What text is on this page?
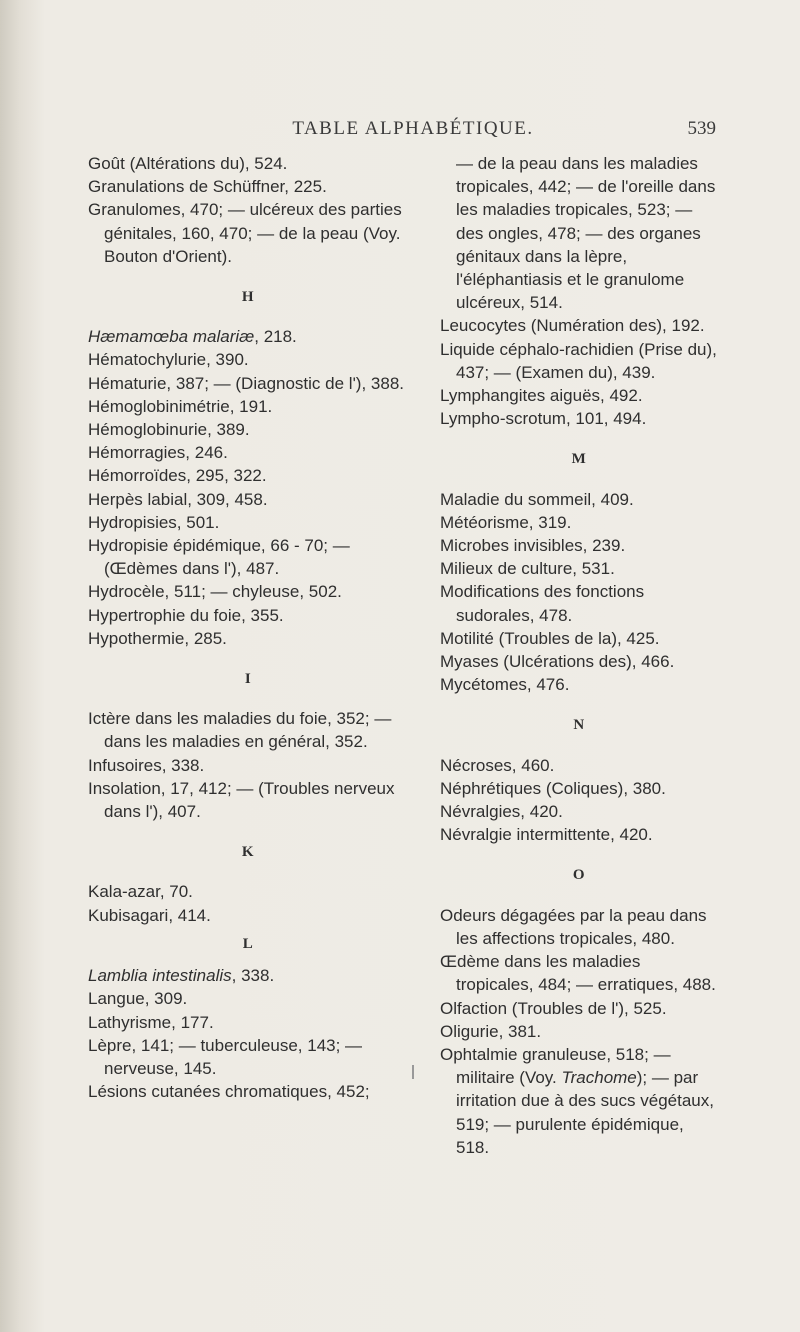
TABLE ALPHABÉTIQUE.	539

Goût (Altérations du), 524.

Granulations de Schüffner, 225.

Granulomes, 470; — ulcéreux des parties génitales, 160, 470; — de la peau (Voy. Bouton d'Orient).

H

Hæmamœba malariæ, 218.

Hématochylurie, 390.

Hématurie, 387; — (Diagnostic de l'), 388.

Hémoglobinimétrie, 191.

Hémoglobinurie, 389.

Hémorragies, 246.

Hémorroïdes, 295, 322.

Herpès labial, 309, 458.

Hydropisies, 501.

Hydropisie épidémique, 66 - 70; — (Œdèmes dans l'), 487.

Hydrocèle, 511; — chyleuse, 502.

Hypertrophie du foie, 355.

Hypothermie, 285.

I

Ictère dans les maladies du foie, 352; — dans les maladies en général, 352.

Infusoires, 338.

Insolation, 17, 412; — (Troubles nerveux dans l'), 407.

K

Kala-azar, 70.

Kubisagari, 414.

L

Lamblia intestinalis, 338.

Langue, 309.

Lathyrisme, 177.

Lèpre, 141; — tuberculeuse, 143; — nerveuse, 145.

Lésions cutanées chromatiques, 452;

— de la peau dans les maladies tropicales, 442; — de l'oreille dans les maladies tropicales, 523; — des ongles, 478; — des organes génitaux dans la lèpre, l'éléphantiasis et le granulome ulcéreux, 514.

Leucocytes (Numération des), 192.

Liquide céphalo-rachidien (Prise du), 437; — (Examen du), 439.

Lymphangites aiguës, 492.

Lympho-scrotum, 101, 494.

M

Maladie du sommeil, 409.

Météorisme, 319.

Microbes invisibles, 239.

Milieux de culture, 531.

Modifications des fonctions sudorales, 478.

Motilité (Troubles de la), 425.

Myases (Ulcérations des), 466.

Mycétomes, 476.

N

Nécroses, 460.

Néphrétiques (Coliques), 380.

Névralgies, 420.

Névralgie intermittente, 420.

O

Odeurs dégagées par la peau dans les affections tropicales, 480.

Œdème dans les maladies tropicales, 484; — erratiques, 488.

Olfaction (Troubles de l'), 525.

Oligurie, 381.

Ophtalmie granuleuse, 518; — militaire (Voy. Trachome); — par irritation due à des sucs végétaux, 519; — purulente épidémique, 518.
